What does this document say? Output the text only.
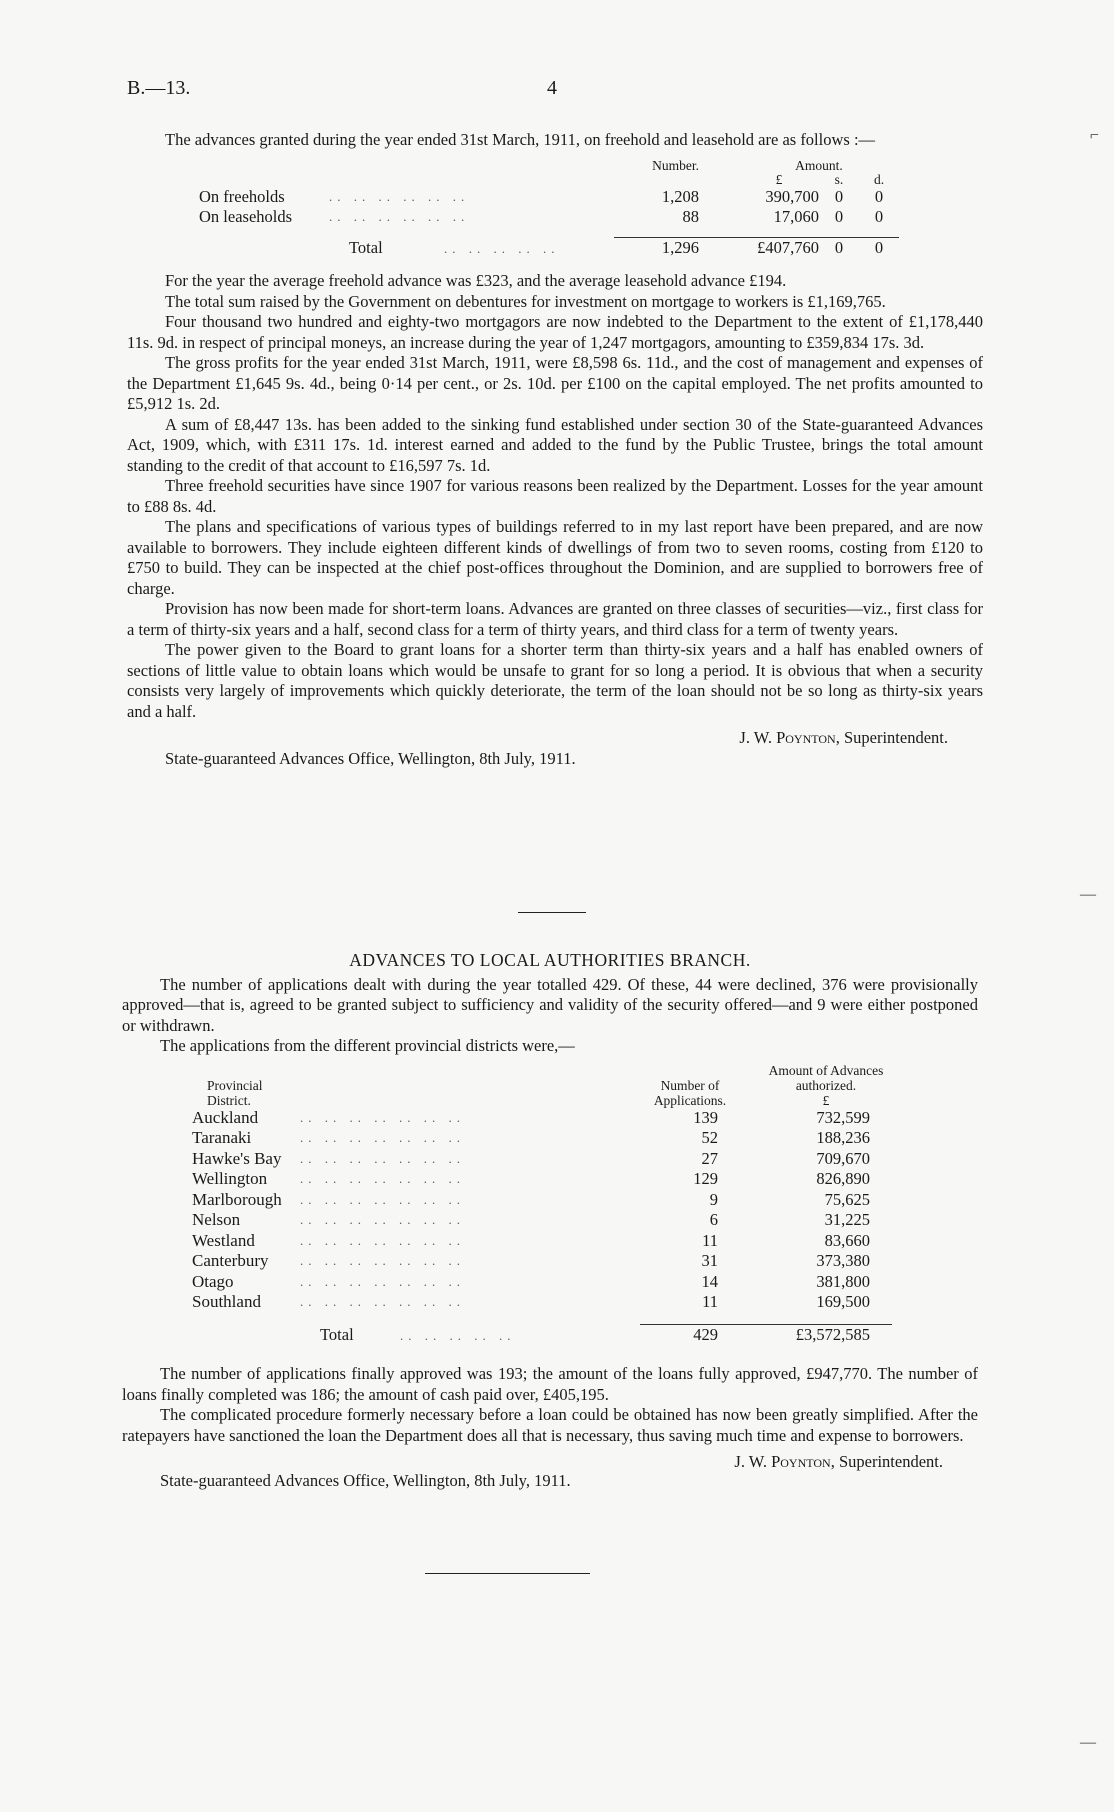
B.—13.	4

The advances granted during the year ended 31st March, 1911, on freehold and leasehold are as follows :—

		Number.	Amount.		
			£	s.	d.
On freeholds	.. .. .. .. .. ..	1,208	390,700	0	0
On leaseholds	.. .. .. .. .. ..	88	17,060	0	0

	Total .. .. .. .. ..	1,296	£407,760	0	0

For the year the average freehold advance was £323, and the average leasehold advance £194.

The total sum raised by the Government on debentures for investment on mortgage to workers is £1,169,765.

Four thousand two hundred and eighty-two mortgagors are now indebted to the Department to the extent of £1,178,440 11s. 9d. in respect of principal moneys, an increase during the year of 1,247 mortgagors, amounting to £359,834 17s. 3d.

The gross profits for the year ended 31st March, 1911, were £8,598 6s. 11d., and the cost of management and expenses of the Department £1,645 9s. 4d., being 0·14 per cent., or 2s. 10d. per £100 on the capital employed. The net profits amounted to £5,912 1s. 2d.

A sum of £8,447 13s. has been added to the sinking fund established under section 30 of the State-guaranteed Advances Act, 1909, which, with £311 17s. 1d. interest earned and added to the fund by the Public Trustee, brings the total amount standing to the credit of that account to £16,597 7s. 1d.

Three freehold securities have since 1907 for various reasons been realized by the Department. Losses for the year amount to £88 8s. 4d.

The plans and specifications of various types of buildings referred to in my last report have been prepared, and are now available to borrowers. They include eighteen different kinds of dwellings of from two to seven rooms, costing from £120 to £750 to build. They can be inspected at the chief post-offices throughout the Dominion, and are supplied to borrowers free of charge.

Provision has now been made for short-term loans. Advances are granted on three classes of securities—viz., first class for a term of thirty-six years and a half, second class for a term of thirty years, and third class for a term of twenty years.

The power given to the Board to grant loans for a shorter term than thirty-six years and a half has enabled owners of sections of little value to obtain loans which would be unsafe to grant for so long a period. It is obvious that when a security consists very largely of improvements which quickly deteriorate, the term of the loan should not be so long as thirty-six years and a half.

J. W. Poynton, Superintendent.
State-guaranteed Advances Office, Wellington, 8th July, 1911.
ADVANCES TO LOCAL AUTHORITIES BRANCH.

The number of applications dealt with during the year totalled 429. Of these, 44 were declined, 376 were provisionally approved—that is, agreed to be granted subject to sufficiency and validity of the security offered—and 9 were either postponed or withdrawn.

The applications from the different provincial districts were,—

Provincial District.		Number of Applications.	Amount of Advances authorized.
£

Auckland	.. .. .. .. .. .. ..	139	732,599
Taranaki	.. .. .. .. .. .. ..	52	188,236
Hawke's Bay	.. .. .. .. .. .. ..	27	709,670
Wellington	.. .. .. .. .. .. ..	129	826,890
Marlborough	.. .. .. .. .. .. ..	9	75,625
Nelson	.. .. .. .. .. .. ..	6	31,225
Westland	.. .. .. .. .. .. ..	11	83,660
Canterbury	.. .. .. .. .. .. ..	31	373,380
Otago	.. .. .. .. .. .. ..	14	381,800
Southland	.. .. .. .. .. .. ..	11	169,500

	Total .. .. .. .. ..	429	£3,572,585

The number of applications finally approved was 193; the amount of the loans fully approved, £947,770. The number of loans finally completed was 186; the amount of cash paid over, £405,195.

The complicated procedure formerly necessary before a loan could be obtained has now been greatly simplified. After the ratepayers have sanctioned the loan the Department does all that is necessary, thus saving much time and expense to borrowers.

J. W. Poynton, Superintendent.
State-guaranteed Advances Office, Wellington, 8th July, 1911.
⌐
—
—
